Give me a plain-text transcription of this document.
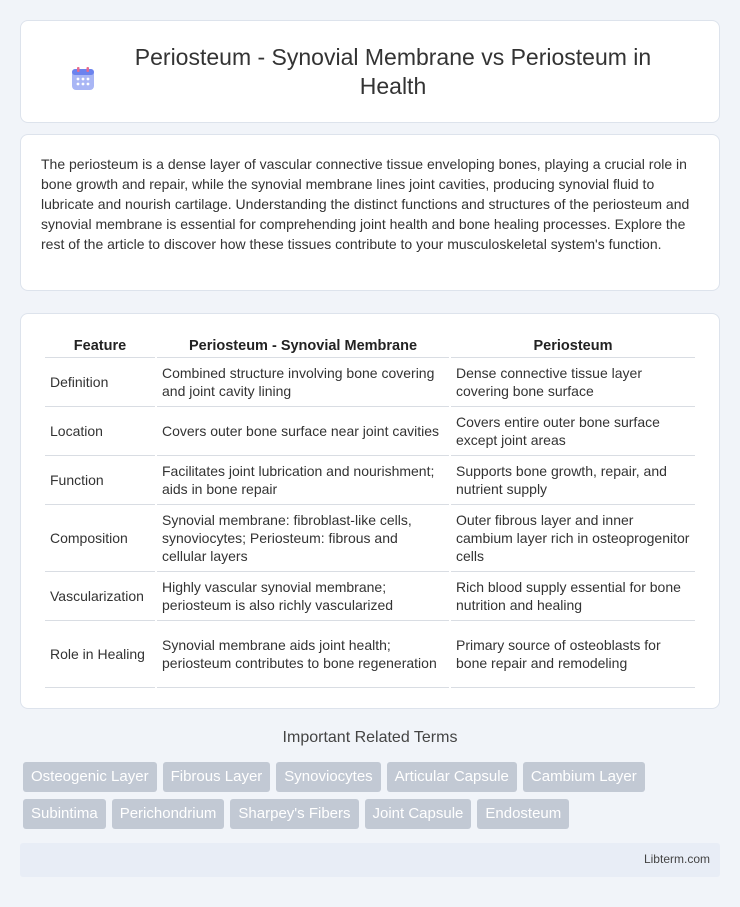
Periosteum - Synovial Membrane vs Periosteum in Health

The periosteum is a dense layer of vascular connective tissue enveloping bones, playing a crucial role in bone growth and repair, while the synovial membrane lines joint cavities, producing synovial fluid to lubricate and nourish cartilage. Understanding the distinct functions and structures of the periosteum and synovial membrane is essential for comprehending joint health and bone healing processes. Explore the rest of the article to discover how these tissues contribute to your musculoskeletal system's function.

Feature	Periosteum - Synovial Membrane	Periosteum
Definition	Combined structure involving bone covering and joint cavity lining	Dense connective tissue layer covering bone surface
Location	Covers outer bone surface near joint cavities	Covers entire outer bone surface except joint areas
Function	Facilitates joint lubrication and nourishment; aids in bone repair	Supports bone growth, repair, and nutrient supply
Composition	Synovial membrane: fibroblast-like cells, synoviocytes; Periosteum: fibrous and cellular layers	Outer fibrous layer and inner cambium layer rich in osteoprogenitor cells
Vascularization	Highly vascular synovial membrane; periosteum is also richly vascularized	Rich blood supply essential for bone nutrition and healing
Role in Healing	Synovial membrane aids joint health; periosteum contributes to bone regeneration	Primary source of osteoblasts for bone repair and remodeling
Important Related Terms
Osteogenic Layer	Fibrous Layer	Synoviocytes	Articular Capsule	Cambium Layer
Subintima	Perichondrium	Sharpey's Fibers	Joint Capsule	Endosteum
Libterm.com
